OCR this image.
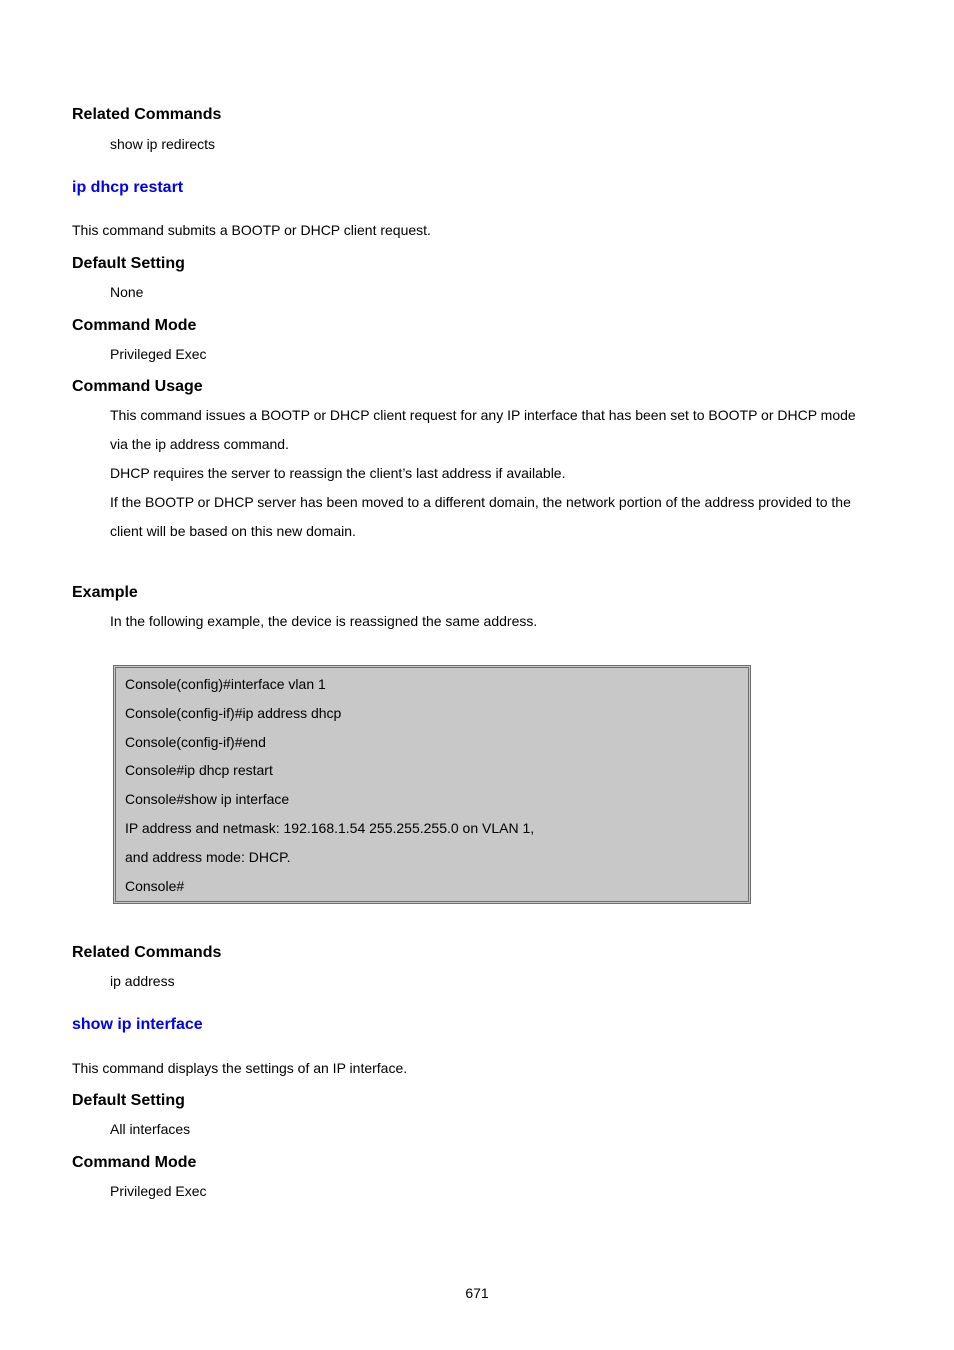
Related Commands
show ip redirects
ip dhcp restart
This command submits a BOOTP or DHCP client request.
Default Setting
None
Command Mode
Privileged Exec
Command Usage
This command issues a BOOTP or DHCP client request for any IP interface that has been set to BOOTP or DHCP mode
via the ip address command.
DHCP requires the server to reassign the client’s last address if available.
If the BOOTP or DHCP server has been moved to a different domain, the network portion of the address provided to the
client will be based on this new domain.
Example
In the following example, the device is reassigned the same address.
Console(config)#interface vlan 1
Console(config-if)#ip address dhcp
Console(config-if)#end
Console#ip dhcp restart
Console#show ip interface
IP address and netmask: 192.168.1.54 255.255.255.0 on VLAN 1,
and address mode: DHCP.
Console#
Related Commands
ip address
show ip interface
This command displays the settings of an IP interface.
Default Setting
All interfaces
Command Mode
Privileged Exec
671
